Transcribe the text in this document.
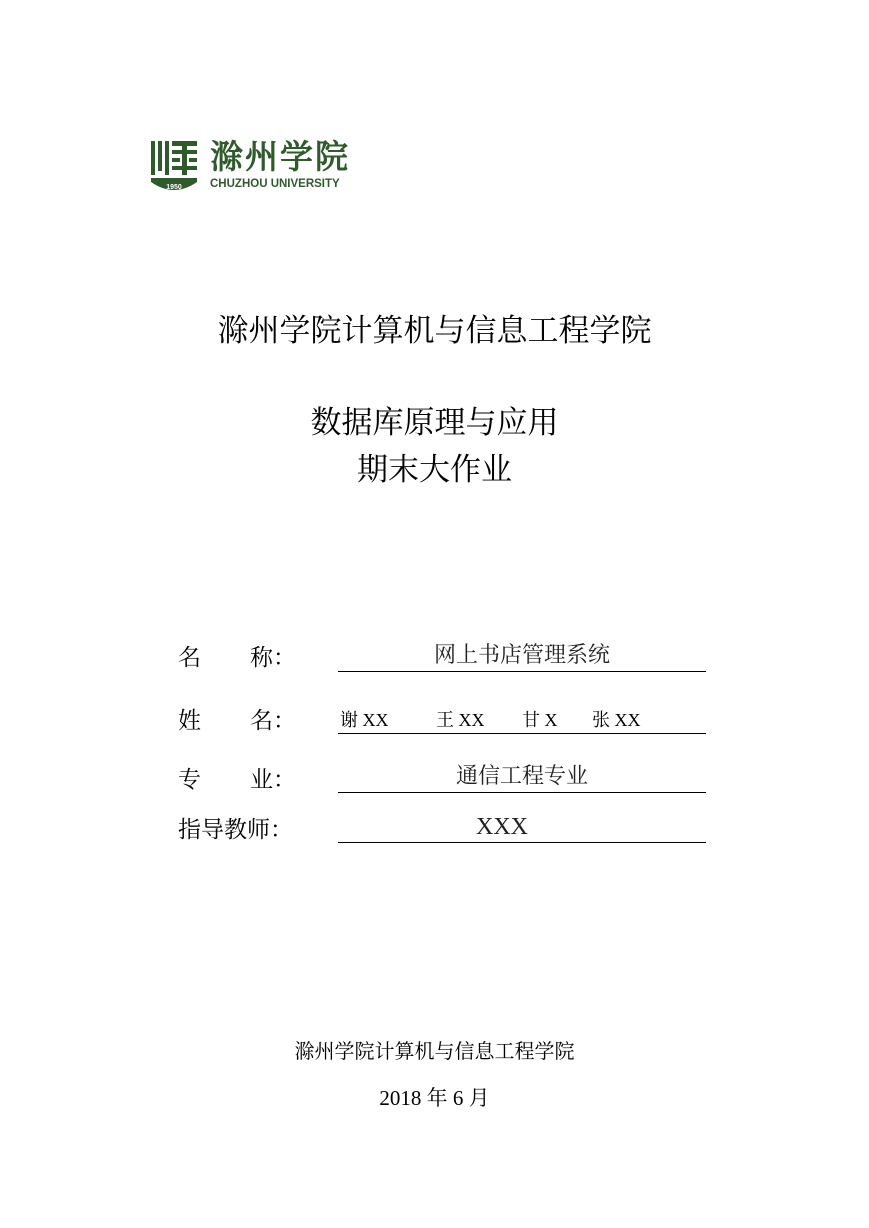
1950
滁州学院
CHUZHOU UNIVERSITY
滁州学院计算机与信息工程学院
数据库原理与应用
期末大作业
名 称：	网上书店管理系统
姓 名： 谢 XX	王 XX 甘 X 张 XX
专 业：	通信工程专业
指导教师：	XXX
滁州学院计算机与信息工程学院
2018 年 6 月
